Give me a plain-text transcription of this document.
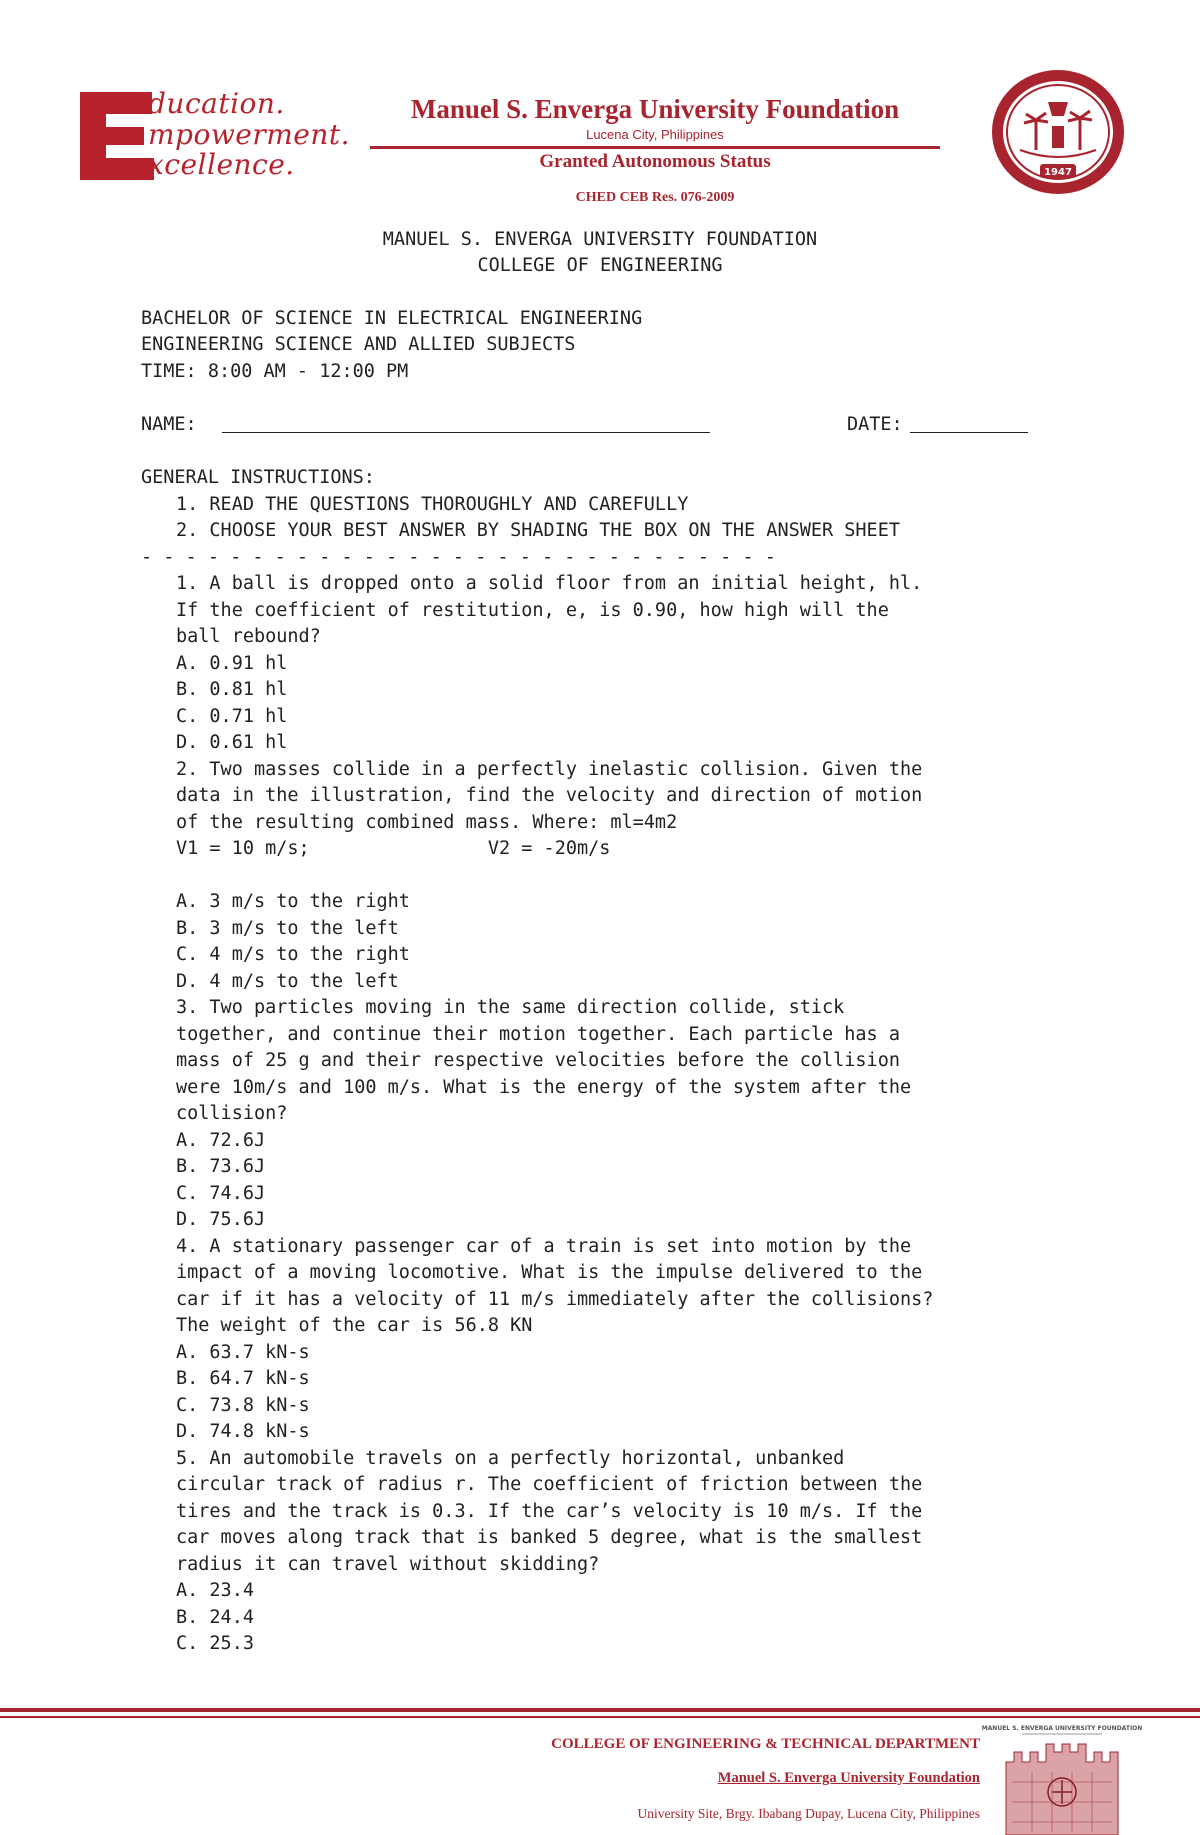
ducation.
mpowerment.
xcellence.
Manuel S. Enverga University Foundation
Lucena City, Philippines
Granted Autonomous Status
CHED CEB Res. 076-2009
1947
MANUEL S. ENVERGA UNIVERSITY FOUNDATION
COLLEGE OF ENGINEERING
BACHELOR OF SCIENCE IN ELECTRICAL ENGINEERING
ENGINEERING SCIENCE AND ALLIED SUBJECTS
TIME: 8:00 AM - 12:00 PM
NAME:	DATE:
GENERAL INSTRUCTIONS:
1. READ THE QUESTIONS THOROUGHLY AND CAREFULLY
2. CHOOSE YOUR BEST ANSWER BY SHADING THE BOX ON THE ANSWER SHEET
- - - - - - - - - - - - - - - - - - - - - - - - - - - - -
1. A ball is dropped onto a solid floor from an initial height, hl.
If the coefficient of restitution, e, is 0.90, how high will the
ball rebound?
A. 0.91 hl
B. 0.81 hl
C. 0.71 hl
D. 0.61 hl
2. Two masses collide in a perfectly inelastic collision. Given the
data in the illustration, find the velocity and direction of motion
of the resulting combined mass. Where: ml=4m2
V1 = 10 m/s;                V2 = -20m/s
A. 3 m/s to the right
B. 3 m/s to the left
C. 4 m/s to the right
D. 4 m/s to the left
3. Two particles moving in the same direction collide, stick
together, and continue their motion together. Each particle has a
mass of 25 g and their respective velocities before the collision
were 10m/s and 100 m/s. What is the energy of the system after the
collision?
A. 72.6J
B. 73.6J
C. 74.6J
D. 75.6J
4. A stationary passenger car of a train is set into motion by the
impact of a moving locomotive. What is the impulse delivered to the
car if it has a velocity of 11 m/s immediately after the collisions?
The weight of the car is 56.8 KN
A. 63.7 kN-s
B. 64.7 kN-s
C. 73.8 kN-s
D. 74.8 kN-s
5. An automobile travels on a perfectly horizontal, unbanked
circular track of radius r. The coefficient of friction between the
tires and the track is 0.3. If the car’s velocity is 10 m/s. If the
car moves along track that is banked 5 degree, what is the smallest
radius it can travel without skidding?
A. 23.4
B. 24.4
C. 25.3
COLLEGE OF ENGINEERING & TECHNICAL DEPARTMENT
Manuel S. Enverga University Foundation
University Site, Brgy. Ibabang Dupay, Lucena City, Philippines
MANUEL S. ENVERGA UNIVERSITY FOUNDATION
